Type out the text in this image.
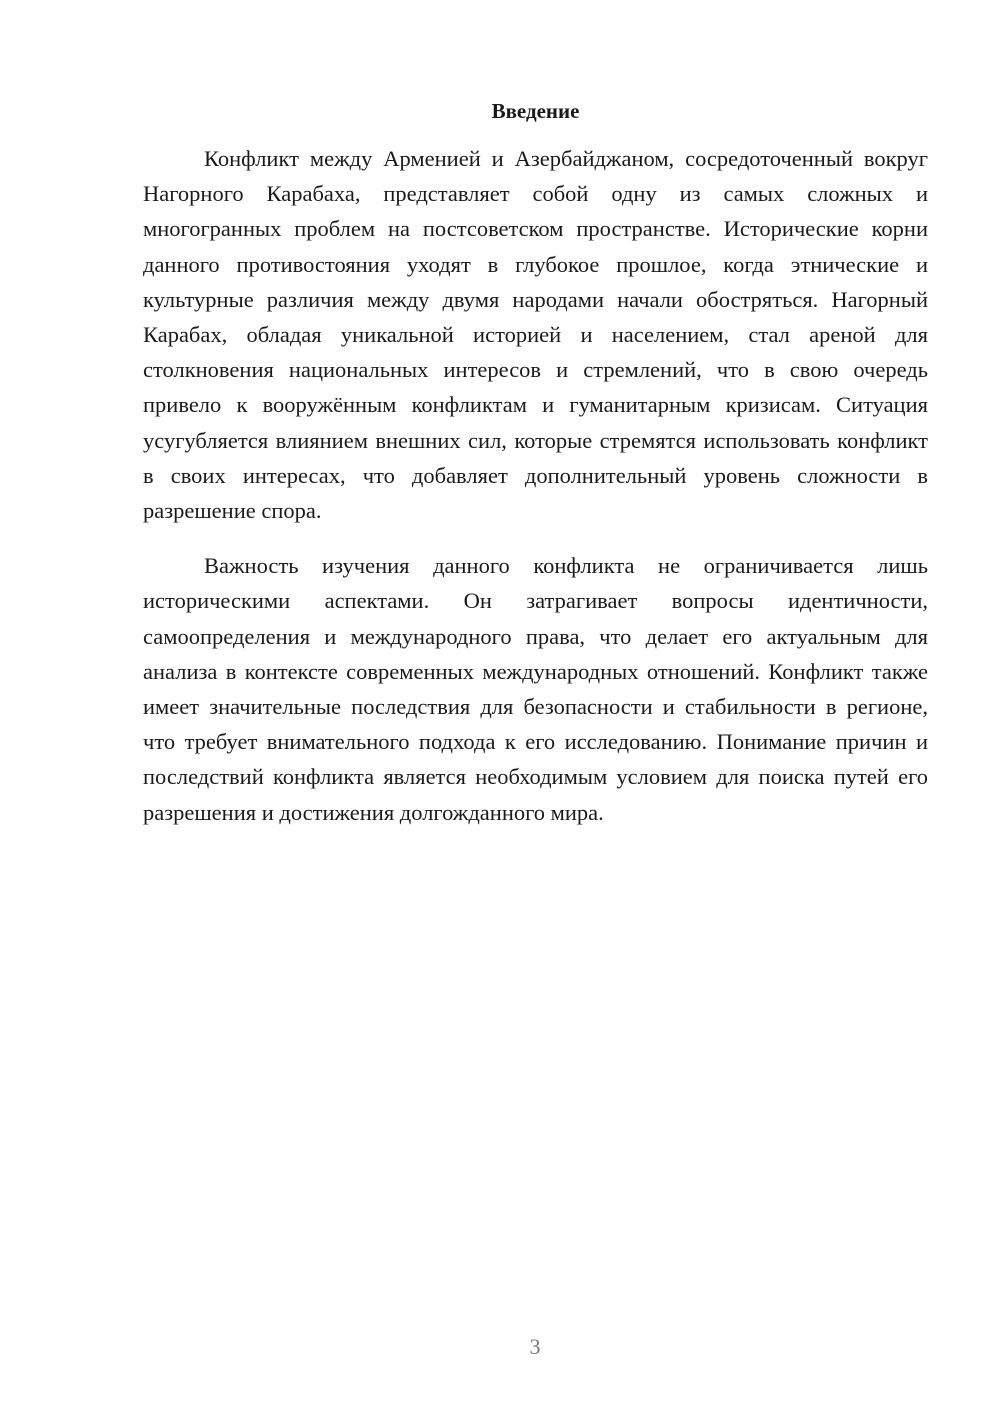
Введение

Конфликт между Арменией и Азербайджаном, сосредоточенный вокруг Нагорного Карабаха, представляет собой одну из самых сложных и многогранных проблем на постсоветском пространстве. Исторические корни данного противостояния уходят в глубокое прошлое, когда этнические и культурные различия между двумя народами начали обостряться. Нагорный Карабах, обладая уникальной историей и населением, стал ареной для столкновения национальных интересов и стремлений, что в свою очередь привело к вооружённым конфликтам и гуманитарным кризисам. Ситуация усугубляется влиянием внешних сил, которые стремятся использовать конфликт в своих интересах, что добавляет дополнительный уровень сложности в разрешение спора.

Важность изучения данного конфликта не ограничивается лишь историческими аспектами. Он затрагивает вопросы идентичности, самоопределения и международного права, что делает его актуальным для анализа в контексте современных международных отношений. Конфликт также имеет значительные последствия для безопасности и стабильности в регионе, что требует внимательного подхода к его исследованию. Понимание причин и последствий конфликта является необходимым условием для поиска путей его разрешения и достижения долгожданного мира.

3
